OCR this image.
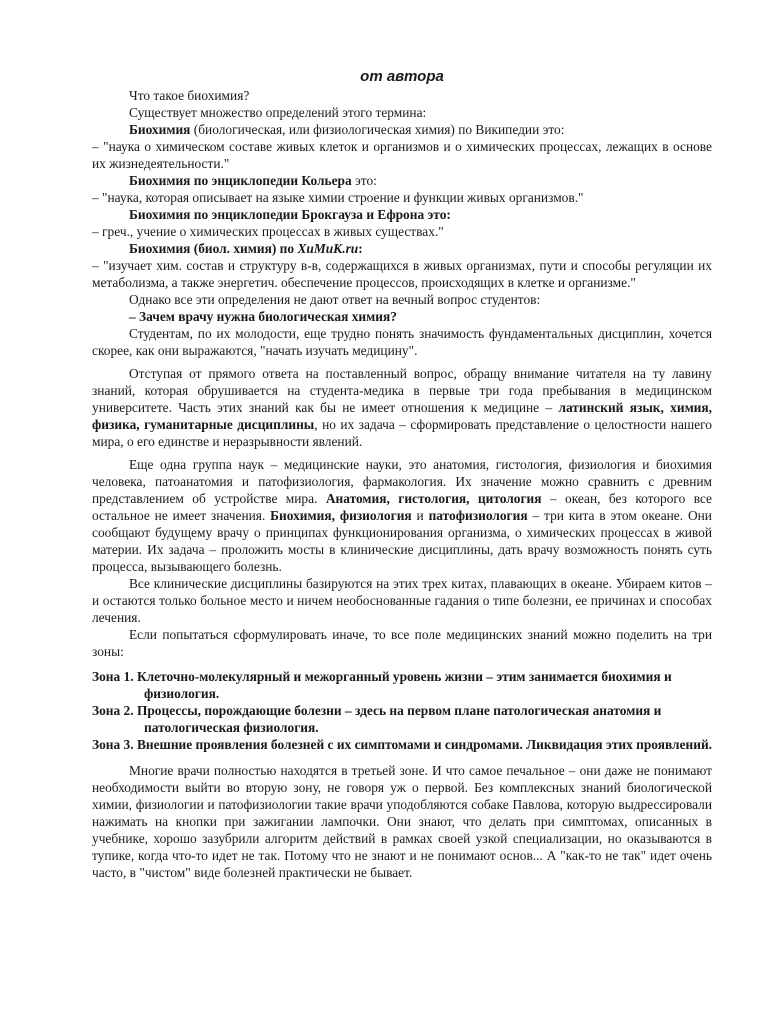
от автора

Что такое биохимия?

Существует множество определений этого термина:

Биохимия (биологическая, или физиологическая химия) по Википедии это:

– "наука о химическом составе живых клеток и организмов и о химических процессах, лежащих в основе их жизнедеятельности."

Биохимия по энциклопедии Кольера это:

– "наука, которая описывает на языке химии строение и функции живых организмов."

Биохимия по энциклопедии Брокгауза и Ефрона это:

– греч., учение о химических процессах в живых существах."

Биохимия (биол. химия) по ХиМиК.ru:

– "изучает хим. состав и структуру в-в, содержащихся в живых организмах, пути и способы регуляции их метаболизма, а также энергетич. обеспечение процессов, происходящих в клетке и организме."

Однако все эти определения не дают ответ на вечный вопрос студентов:

– Зачем врачу нужна биологическая химия?

Студентам, по их молодости, еще трудно понять значимость фундаментальных дисциплин, хочется скорее, как они выражаются, "начать изучать медицину".

Отступая от прямого ответа на поставленный вопрос, обращу внимание читателя на ту лавину знаний, которая обрушивается на студента-медика в первые три года пребывания в медицинском университете. Часть этих знаний как бы не имеет отношения к медицине – латинский язык, химия, физика, гуманитарные дисциплины, но их задача – сформировать представление о целостности нашего мира, о его единстве и неразрывности явлений.

Еще одна группа наук – медицинские науки, это анатомия, гистология, физиология и биохимия человека, патоанатомия и патофизиология, фармакология. Их значение можно сравнить с древним представлением об устройстве мира. Анатомия, гистология, цитология – океан, без которого все остальное не имеет значения. Биохимия, физиология и патофизиология – три кита в этом океане. Они сообщают будущему врачу о принципах функционирования организма, о химических процессах в живой материи. Их задача – проложить мосты в клинические дисциплины, дать врачу возможность понять суть процесса, вызывающего болезнь.

Все клинические дисциплины базируются на этих трех китах, плавающих в океане. Убираем китов – и остаются только больное место и ничем необоснованные гадания о типе болезни, ее причинах и способах лечения.

Если попытаться сформулировать иначе, то все поле медицинских знаний можно поделить на три зоны:

Зона 1. Клеточно-молекулярный и межорганный уровень жизни – этим занимается биохимия и физиология.

Зона 2. Процессы, порождающие болезни – здесь на первом плане патологическая анатомия и патологическая физиология.

Зона 3. Внешние проявления болезней с их симптомами и синдромами. Ликвидация этих проявлений.

Многие врачи полностью находятся в третьей зоне. И что самое печальное – они даже не понимают необходимости выйти во вторую зону, не говоря уж о первой. Без комплексных знаний биологической химии, физиологии и патофизиологии такие врачи уподобляются собаке Павлова, которую выдрессировали нажимать на кнопки при зажигании лампочки. Они знают, что делать при симптомах, описанных в учебнике, хорошо зазубрили алгоритм действий в рамках своей узкой специализации, но оказываются в тупике, когда что-то идет не так. Потому что не знают и не понимают основ... А "как-то не так" идет очень часто, в "чистом" виде болезней практически не бывает.
